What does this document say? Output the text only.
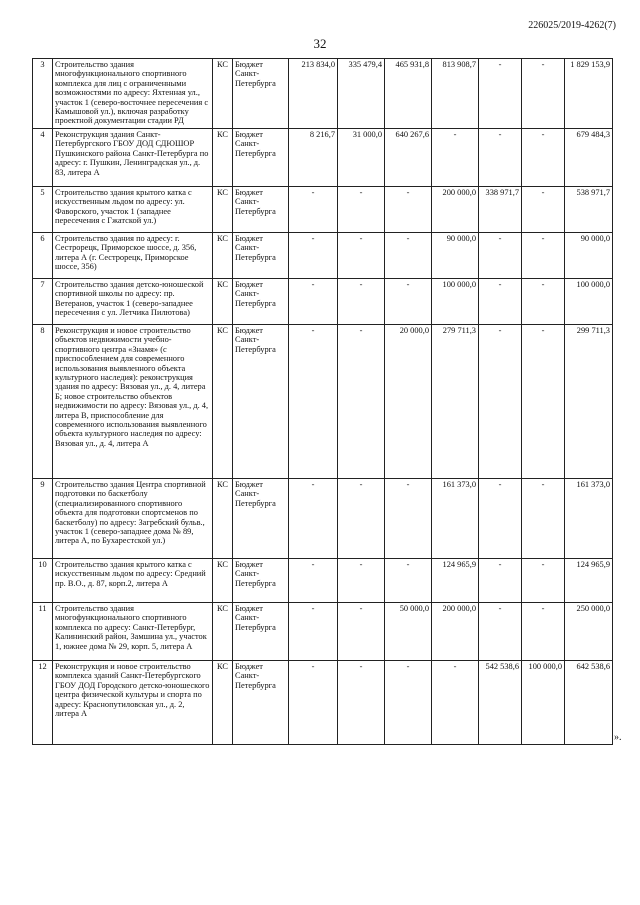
226025/2019-4262(7)
32
3	Строительство здания многофункционального спортивного комплекса для лиц с ограниченными возможностями по адресу: Яхтенная ул., участок 1 (северо-восточнее пересечения с Камышовой ул.), включая разработку проектной документации стадии РД	КС	Бюджет Санкт-Петербурга	213 834,0	335 479,4	465 931,8	813 908,7	-	-	1 829 153,9
4	Реконструкция здания Санкт-Петербургского ГБОУ ДОД СДЮШОР Пушкинского района Санкт-Петербурга по адресу: г. Пушкин, Ленинградская ул., д. 83, литера А	КС	Бюджет Санкт-Петербурга	8 216,7	31 000,0	640 267,6	-	-	-	679 484,3
5	Строительство здания крытого катка с искусственным льдом по адресу: ул. Фаворского, участок 1 (западнее пересечения с Гжатской ул.)	КС	Бюджет Санкт-Петербурга	-	-	-	200 000,0	338 971,7	-	538 971,7
6	Строительство здания по адресу: г. Сестрорецк, Приморское шоссе, д. 356, литера А (г. Сестрорецк, Приморское шоссе, 356)	КС	Бюджет Санкт-Петербурга	-	-	-	90 000,0	-	-	90 000,0
7	Строительство здания детско-юношеской спортивной школы по адресу: пр. Ветеранов, участок 1 (северо-западнее пересечения с ул. Летчика Пилютова)	КС	Бюджет Санкт-Петербурга	-	-	-	100 000,0	-	-	100 000,0
8	Реконструкция и новое строительство объектов недвижимости учебно-спортивного центра «Знамя» (с приспособлением для современного использования выявленного объекта культурного наследия): реконструкция здания по адресу: Вязовая ул., д. 4, литера Б; новое строительство объектов недвижимости по адресу: Вязовая ул., д. 4, литера В, приспособление для современного использования выявленного объекта культурного наследия по адресу: Вязовая ул., д. 4, литера А	КС	Бюджет Санкт-Петербурга	-	-	20 000,0	279 711,3	-	-	299 711,3
9	Строительство здания Центра спортивной подготовки по баскетболу (специализированного спортивного объекта для подготовки спортсменов по баскетболу) по адресу: Загребский бульв., участок 1 (северо-западнее дома № 89, литера А, по Бухарестской ул.)	КС	Бюджет Санкт-Петербурга	-	-	-	161 373,0	-	-	161 373,0
10	Строительство здания крытого катка с искусственным льдом по адресу: Средний пр. В.О., д. 87, корп.2, литера А	КС	Бюджет Санкт-Петербурга	-	-	-	124 965,9	-	-	124 965,9
11	Строительство здания многофункционального спортивного комплекса по адресу: Санкт-Петербург, Калининский район, Замшина ул., участок 1, южнее дома № 29, корп. 5, литера А	КС	Бюджет Санкт-Петербурга	-	-	50 000,0	200 000,0	-	-	250 000,0
12	Реконструкция и новое строительство комплекса зданий Санкт-Петербургского ГБОУ ДОД Городского детско-юношеского центра физической культуры и спорта по адресу: Краснопутиловская ул., д. 2, литера А	КС	Бюджет Санкт-Петербурга	-	-	-	-	542 538,6	100 000,0	642 538,6
».
